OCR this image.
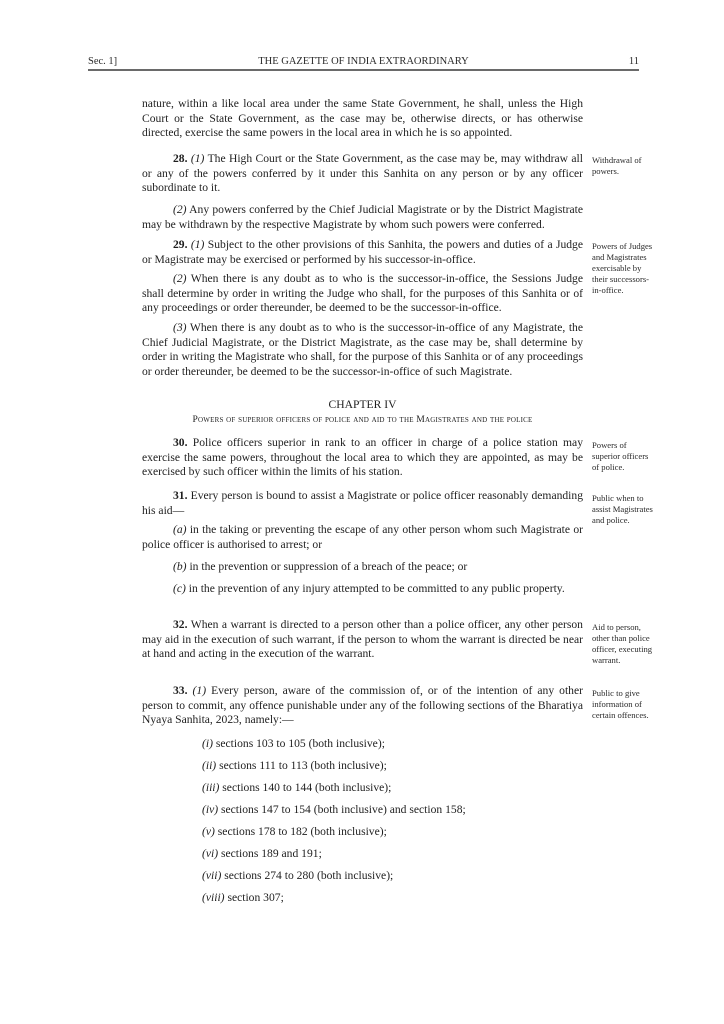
Sec. 1]	THE GAZETTE OF INDIA EXTRAORDINARY	11

nature, within a like local area under the same State Government, he shall, unless the High Court or the State Government, as the case may be, otherwise directs, or has otherwise directed, exercise the same powers in the local area in which he is so appointed.

28. (1) The High Court or the State Government, as the case may be, may withdraw all or any of the powers conferred by it under this Sanhita on any person or by any officer subordinate to it.

(2) Any powers conferred by the Chief Judicial Magistrate or by the District Magistrate may be withdrawn by the respective Magistrate by whom such powers were conferred.

Withdrawal of powers.

29. (1) Subject to the other provisions of this Sanhita, the powers and duties of a Judge or Magistrate may be exercised or performed by his successor-in-office.

(2) When there is any doubt as to who is the successor-in-office, the Sessions Judge shall determine by order in writing the Judge who shall, for the purposes of this Sanhita or of any proceedings or order thereunder, be deemed to be the successor-in-office.

(3) When there is any doubt as to who is the successor-in-office of any Magistrate, the Chief Judicial Magistrate, or the District Magistrate, as the case may be, shall determine by order in writing the Magistrate who shall, for the purpose of this Sanhita or of any proceedings or order thereunder, be deemed to be the successor-in-office of such Magistrate.

Powers of Judges and Magistrates exercisable by their successors-in-office.
CHAPTER IV
Powers of superior officers of police and aid to the Magistrates and the police

30. Police officers superior in rank to an officer in charge of a police station may exercise the same powers, throughout the local area to which they are appointed, as may be exercised by such officer within the limits of his station.

Powers of superior officers of police.

31. Every person is bound to assist a Magistrate or police officer reasonably demanding his aid—

(a) in the taking or preventing the escape of any other person whom such Magistrate or police officer is authorised to arrest; or

(b) in the prevention or suppression of a breach of the peace; or

(c) in the prevention of any injury attempted to be committed to any public property.

Public when to assist Magistrates and police.

32. When a warrant is directed to a person other than a police officer, any other person may aid in the execution of such warrant, if the person to whom the warrant is directed be near at hand and acting in the execution of the warrant.

Aid to person, other than police officer, executing warrant.

33. (1) Every person, aware of the commission of, or of the intention of any other person to commit, any offence punishable under any of the following sections of the Bharatiya Nyaya Sanhita, 2023, namely:—

Public to give information of certain offences.
(i) sections 103 to 105 (both inclusive);
(ii) sections 111 to 113 (both inclusive);
(iii) sections 140 to 144 (both inclusive);
(iv) sections 147 to 154 (both inclusive) and section 158;
(v) sections 178 to 182 (both inclusive);
(vi) sections 189 and 191;
(vii) sections 274 to 280 (both inclusive);
(viii) section 307;
